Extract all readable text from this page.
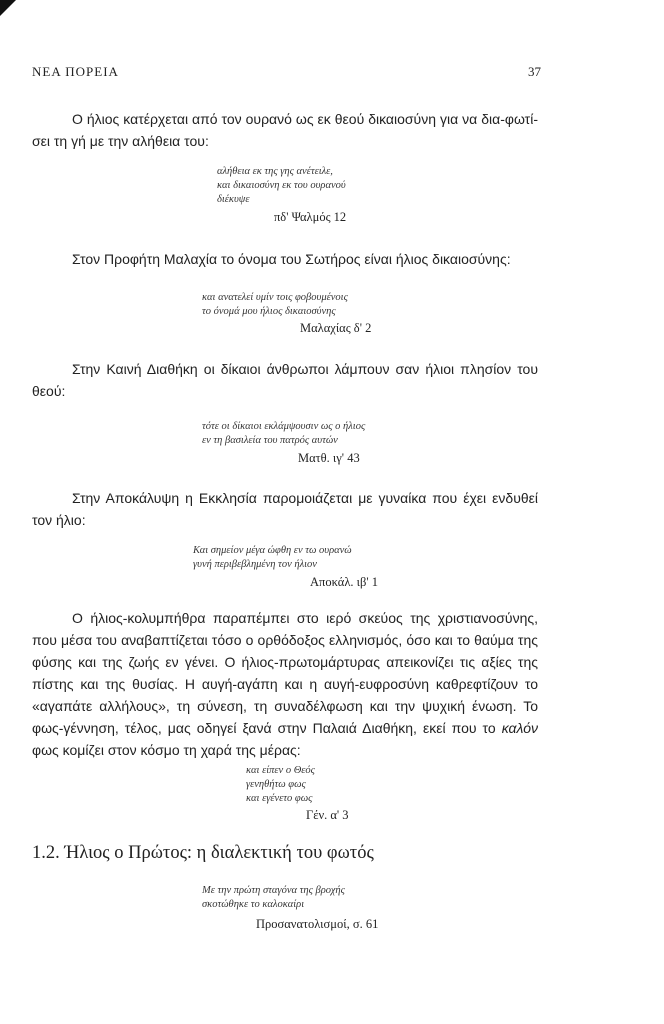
ΝΕΑ ΠΟΡΕΙΑ	37

Ο ήλιος κατέρχεται από τον ουρανό ως εκ θεού δικαιοσύνη για να δια-φωτί-σει τη γή με την αλήθεια του:

αλήθεια εκ της γης ανέτειλε,
και δικαιοσύνη εκ του ουρανού
διέκυψε
πδ' Ψαλμός 12

Στον Προφήτη Μαλαχία το όνομα του Σωτήρος είναι ήλιος δικαιοσύνης:

και ανατελεί υμίν τοις φοβουμένοις
το όνομά μου ήλιος δικαιοσύνης
Μαλαχίας δ' 2

Στην Καινή Διαθήκη οι δίκαιοι άνθρωποι λάμπουν σαν ήλιοι πλησίον του θεού:

τότε οι δίκαιοι εκλάμψουσιν ως ο ήλιος
εν τη βασιλεία του πατρός αυτών
Ματθ. ιγ' 43

Στην Αποκάλυψη η Εκκλησία παρομοιάζεται με γυναίκα που έχει ενδυθεί τον ήλιο:

Και σημείον μέγα ώφθη εν τω ουρανώ
γυνή περιβεβλημένη τον ήλιον
Αποκάλ. ιβ' 1

Ο ήλιος-κολυμπήθρα παραπέμπει στο ιερό σκεύος της χριστιανοσύνης, που μέσα του αναβαπτίζεται τόσο ο ορθόδοξος ελληνισμός, όσο και το θαύμα της φύσης και της ζωής εν γένει. Ο ήλιος-πρωτομάρτυρας απεικονίζει τις αξίες της πίστης και της θυσίας. Η αυγή-αγάπη και η αυγή-ευφροσύνη καθρεφτίζουν το «αγαπάτε αλλήλους», τη σύνεση, τη συναδέλφωση και την ψυχική ένωση. Το φως-γέννηση, τέλος, μας οδηγεί ξανά στην Παλαιά Διαθήκη, εκεί που το καλόν φως κομίζει στον κόσμο τη χαρά της μέρας:

και είπεν ο Θεός
γενηθήτω φως
και εγένετο φως
Γέν. α' 3
1.2. Ήλιος ο Πρώτος: η διαλεκτική του φωτός
Με την πρώτη σταγόνα της βροχής
σκοτώθηκε το καλοκαίρι
Προσανατολισμοί, σ. 61
